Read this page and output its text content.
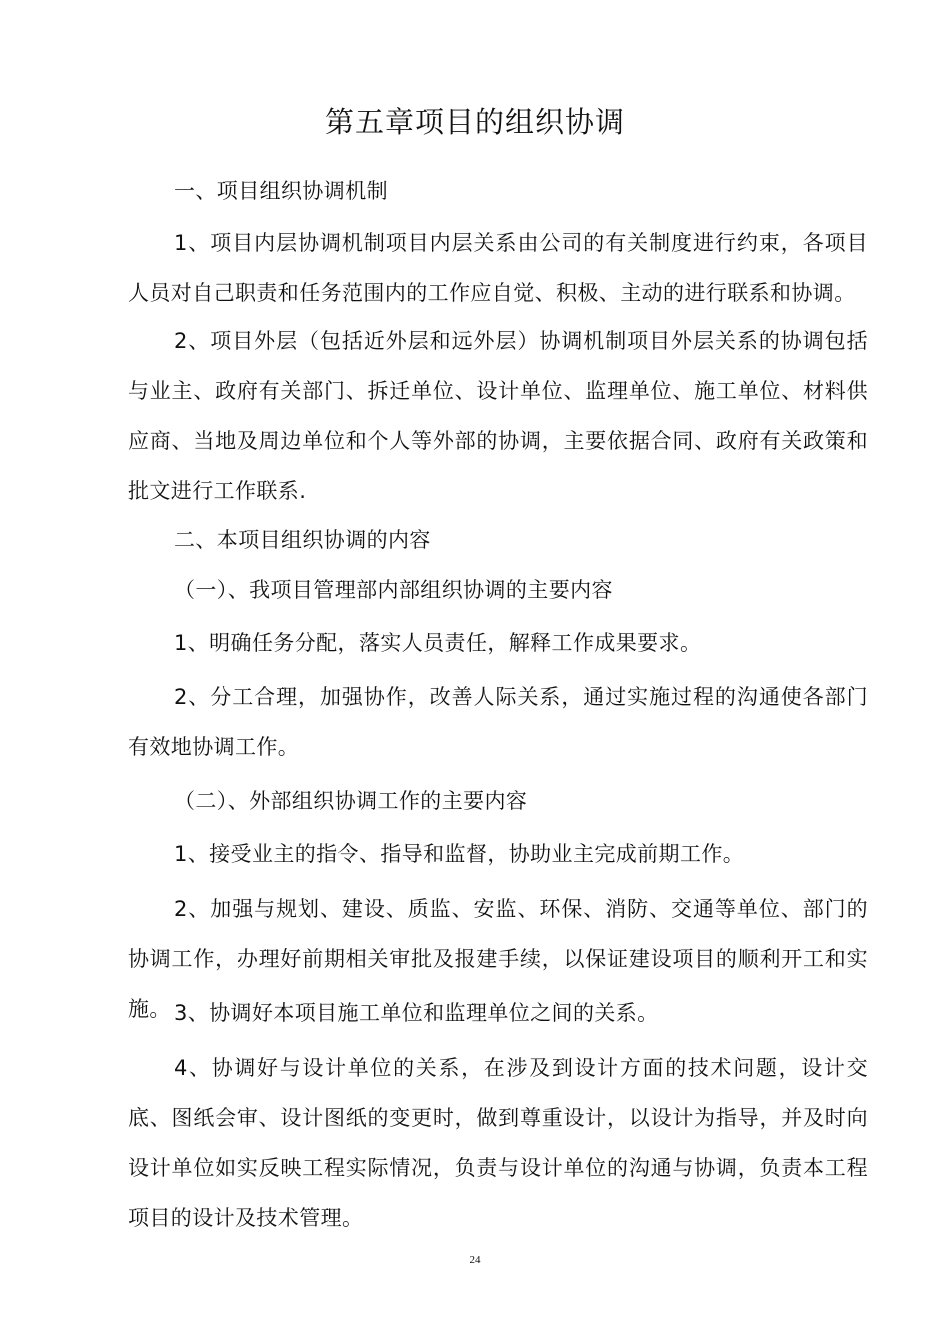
第五章项目的组织协调
一、项目组织协调机制

1、项目内层协调机制项目内层关系由公司的有关制度进行约束，各项目人员对自己职责和任务范围内的工作应自觉、积极、主动的进行联系和协调。

2、项目外层（包括近外层和远外层）协调机制项目外层关系的协调包括与业主、政府有关部门、拆迁单位、设计单位、监理单位、施工单位、材料供应商、当地及周边单位和个人等外部的协调，主要依据合同、政府有关政策和批文进行工作联系.

二、本项目组织协调的内容
（一）、我项目管理部内部组织协调的主要内容

1、明确任务分配，落实人员责任，解释工作成果要求。

2、分工合理，加强协作，改善人际关系，通过实施过程的沟通使各部门有效地协调工作。

（二）、外部组织协调工作的主要内容

1、接受业主的指令、指导和监督，协助业主完成前期工作。

2、加强与规划、建设、质监、安监、环保、消防、交通等单位、部门的协调工作，办理好前期相关审批及报建手续，以保证建设项目的顺利开工和实施。 3、协调好本项目施工单位和监理单位之间的关系。

4、协调好与设计单位的关系，在涉及到设计方面的技术问题，设计交底、图纸会审、设计图纸的变更时，做到尊重设计，以设计为指导，并及时向设计单位如实反映工程实际情况，负责与设计单位的沟通与协调，负责本工程项目的设计及技术管理。

24
